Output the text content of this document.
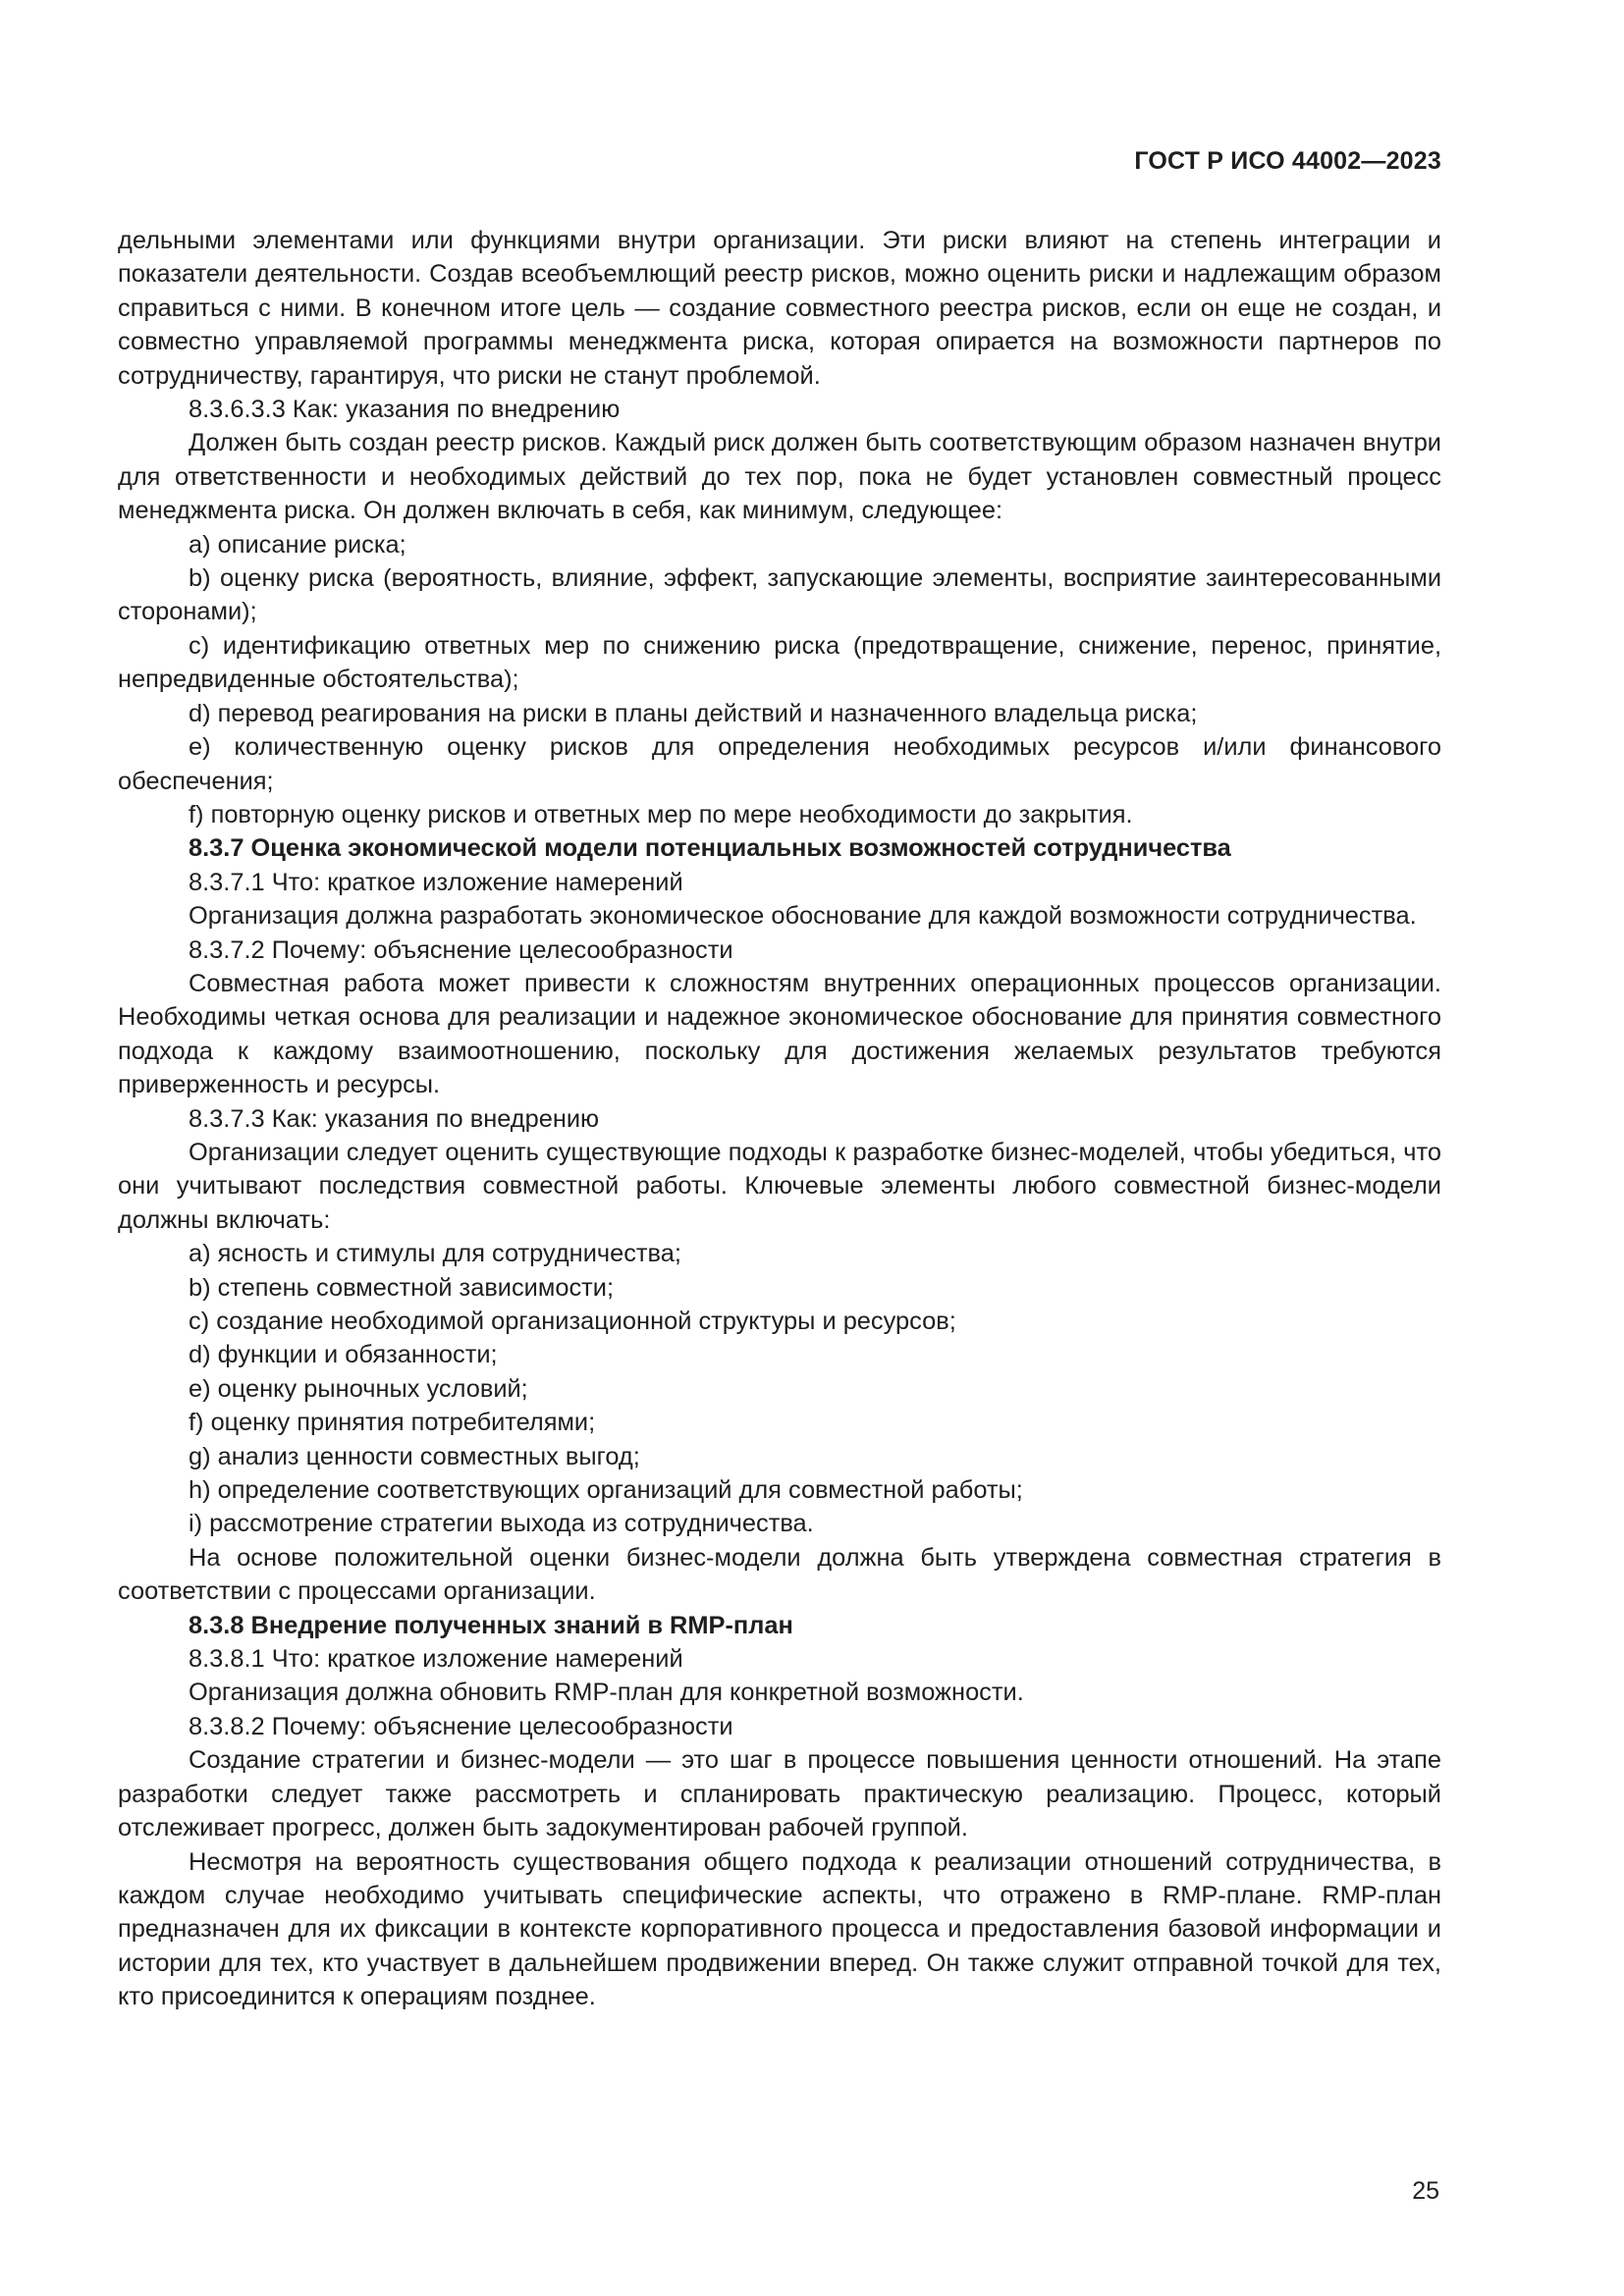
ГОСТ Р ИСО 44002—2023

дельными элементами или функциями внутри организации. Эти риски влияют на степень интеграции и показатели деятельности. Создав всеобъемлющий реестр рисков, можно оценить риски и надлежащим образом справиться с ними. В конечном итоге цель — создание совместного реестра рисков, если он еще не создан, и совместно управляемой программы менеджмента риска, которая опирается на возможности партнеров по сотрудничеству, гарантируя, что риски не станут проблемой.

8.3.6.3.3 Как: указания по внедрению

Должен быть создан реестр рисков. Каждый риск должен быть соответствующим образом назначен внутри для ответственности и необходимых действий до тех пор, пока не будет установлен совместный процесс менеджмента риска. Он должен включать в себя, как минимум, следующее:

а) описание риска;

b) оценку риска (вероятность, влияние, эффект, запускающие элементы, восприятие заинтересованными сторонами);

c) идентификацию ответных мер по снижению риска (предотвращение, снижение, перенос, принятие, непредвиденные обстоятельства);

d) перевод реагирования на риски в планы действий и назначенного владельца риска;

e) количественную оценку рисков для определения необходимых ресурсов и/или финансового обеспечения;

f) повторную оценку рисков и ответных мер по мере необходимости до закрытия.

8.3.7 Оценка экономической модели потенциальных возможностей сотрудничества

8.3.7.1 Что: краткое изложение намерений

Организация должна разработать экономическое обоснование для каждой возможности сотрудничества.

8.3.7.2 Почему: объяснение целесообразности

Совместная работа может привести к сложностям внутренних операционных процессов организации. Необходимы четкая основа для реализации и надежное экономическое обоснование для принятия совместного подхода к каждому взаимоотношению, поскольку для достижения желаемых результатов требуются приверженность и ресурсы.

8.3.7.3 Как: указания по внедрению

Организации следует оценить существующие подходы к разработке бизнес-моделей, чтобы убедиться, что они учитывают последствия совместной работы. Ключевые элементы любого совместной бизнес-модели должны включать:

а) ясность и стимулы для сотрудничества;

b) степень совместной зависимости;

c) создание необходимой организационной структуры и ресурсов;

d) функции и обязанности;

e) оценку рыночных условий;

f) оценку принятия потребителями;

g) анализ ценности совместных выгод;

h) определение соответствующих организаций для совместной работы;

i) рассмотрение стратегии выхода из сотрудничества.

На основе положительной оценки бизнес-модели должна быть утверждена совместная стратегия в соответствии с процессами организации.

8.3.8 Внедрение полученных знаний в RMP-план

8.3.8.1 Что: краткое изложение намерений

Организация должна обновить RMP-план для конкретной возможности.

8.3.8.2 Почему: объяснение целесообразности

Создание стратегии и бизнес-модели — это шаг в процессе повышения ценности отношений. На этапе разработки следует также рассмотреть и спланировать практическую реализацию. Процесс, который отслеживает прогресс, должен быть задокументирован рабочей группой.

Несмотря на вероятность существования общего подхода к реализации отношений сотрудничества, в каждом случае необходимо учитывать специфические аспекты, что отражено в RMP-плане. RMP-план предназначен для их фиксации в контексте корпоративного процесса и предоставления базовой информации и истории для тех, кто участвует в дальнейшем продвижении вперед. Он также служит отправной точкой для тех, кто присоединится к операциям позднее.

25
